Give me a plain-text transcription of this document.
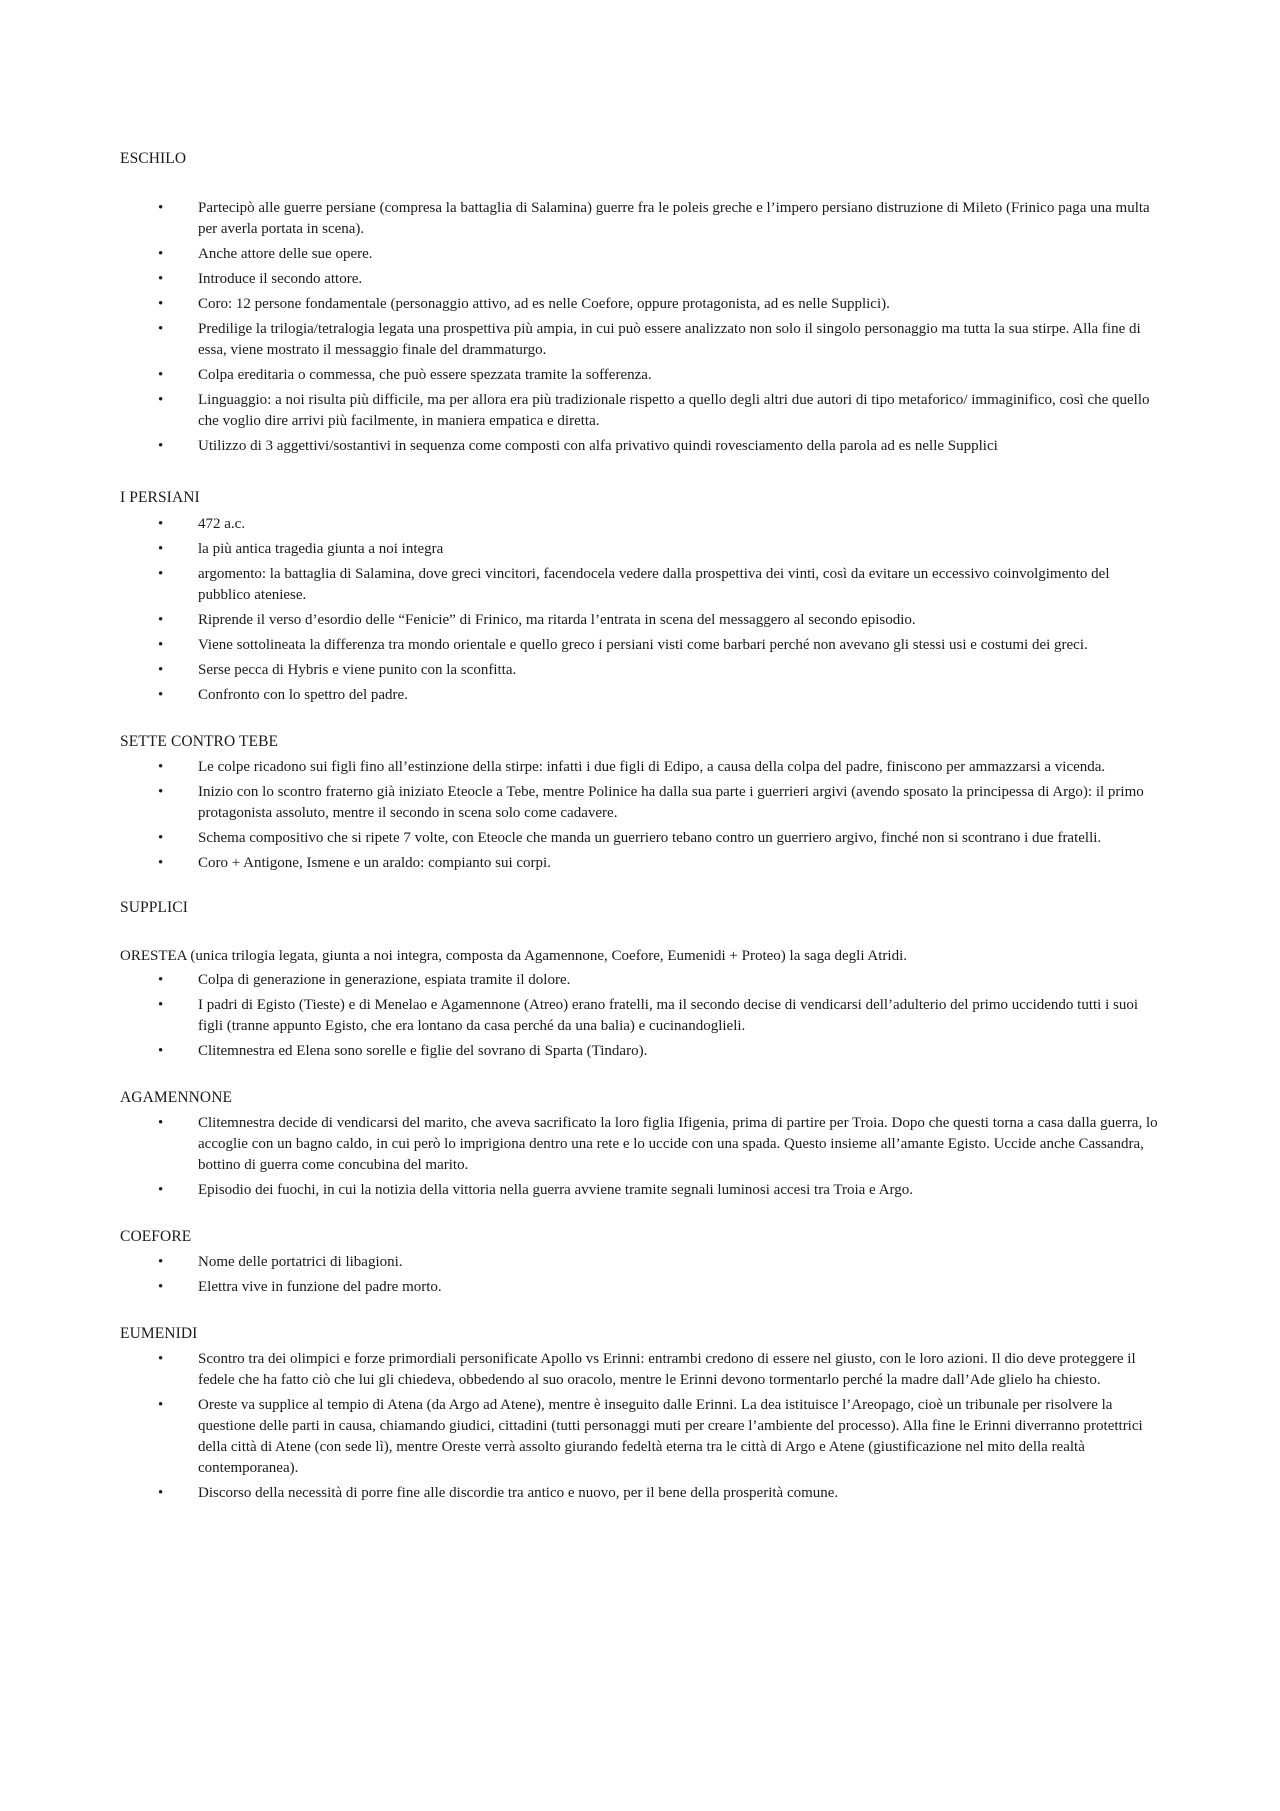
ESCHILO
• Partecipò alle guerre persiane (compresa la battaglia di Salamina) guerre fra le poleis greche e l’impero persiano distruzione di Mileto (Frinico paga una multa per averla portata in scena).
• Anche attore delle sue opere.
• Introduce il secondo attore.
• Coro: 12 persone fondamentale (personaggio attivo, ad es nelle Coefore, oppure protagonista, ad es nelle Supplici).
• Predilige la trilogia/tetralogia legata una prospettiva più ampia, in cui può essere analizzato non solo il singolo personaggio ma tutta la sua stirpe. Alla fine di essa, viene mostrato il messaggio finale del drammaturgo.
• Colpa ereditaria o commessa, che può essere spezzata tramite la sofferenza.
• Linguaggio: a noi risulta più difficile, ma per allora era più tradizionale rispetto a quello degli altri due autori di tipo metaforico/ immaginifico, così che quello che voglio dire arrivi più facilmente, in maniera empatica e diretta.
• Utilizzo di 3 aggettivi/sostantivi in sequenza come composti con alfa privativo quindi rovesciamento della parola ad es nelle Supplici
I PERSIANI
• 472 a.c.
• la più antica tragedia giunta a noi integra
• argomento: la battaglia di Salamina, dove greci vincitori, facendocela vedere dalla prospettiva dei vinti, così da evitare un eccessivo coinvolgimento del pubblico ateniese.
• Riprende il verso d’esordio delle “Fenicie” di Frinico, ma ritarda l’entrata in scena del messaggero al secondo episodio.
• Viene sottolineata la differenza tra mondo orientale e quello greco i persiani visti come barbari perché non avevano gli stessi usi e costumi dei greci.
• Serse pecca di Hybris e viene punito con la sconfitta.
• Confronto con lo spettro del padre.
SETTE CONTRO TEBE
• Le colpe ricadono sui figli fino all’estinzione della stirpe: infatti i due figli di Edipo, a causa della colpa del padre, finiscono per ammazzarsi a vicenda.
• Inizio con lo scontro fraterno già iniziato Eteocle a Tebe, mentre Polinice ha dalla sua parte i guerrieri argivi (avendo sposato la principessa di Argo): il primo protagonista assoluto, mentre il secondo in scena solo come cadavere.
• Schema compositivo che si ripete 7 volte, con Eteocle che manda un guerriero tebano contro un guerriero argivo, finché non si scontrano i due fratelli.
• Coro + Antigone, Ismene e un araldo: compianto sui corpi.
SUPPLICI
ORESTEA (unica trilogia legata, giunta a noi integra, composta da Agamennone, Coefore, Eumenidi + Proteo) la saga degli Atridi.
• Colpa di generazione in generazione, espiata tramite il dolore.
• I padri di Egisto (Tieste) e di Menelao e Agamennone (Atreo) erano fratelli, ma il secondo decise di vendicarsi dell’adulterio del primo uccidendo tutti i suoi figli (tranne appunto Egisto, che era lontano da casa perché da una balia) e cucinandoglieli.
• Clitemnestra ed Elena sono sorelle e figlie del sovrano di Sparta (Tindaro).
AGAMENNONE
• Clitemnestra decide di vendicarsi del marito, che aveva sacrificato la loro figlia Ifigenia, prima di partire per Troia. Dopo che questi torna a casa dalla guerra, lo accoglie con un bagno caldo, in cui però lo imprigiona dentro una rete e lo uccide con una spada. Questo insieme all’amante Egisto. Uccide anche Cassandra, bottino di guerra come concubina del marito.
• Episodio dei fuochi, in cui la notizia della vittoria nella guerra avviene tramite segnali luminosi accesi tra Troia e Argo.
COEFORE
• Nome delle portatrici di libagioni.
• Elettra vive in funzione del padre morto.
EUMENIDI
• Scontro tra dei olimpici e forze primordiali personificate Apollo vs Erinni: entrambi credono di essere nel giusto, con le loro azioni. Il dio deve proteggere il fedele che ha fatto ciò che lui gli chiedeva, obbedendo al suo oracolo, mentre le Erinni devono tormentarlo perché la madre dall’Ade glielo ha chiesto.
• Oreste va supplice al tempio di Atena (da Argo ad Atene), mentre è inseguito dalle Erinni. La dea istituisce l’Areopago, cioè un tribunale per risolvere la questione delle parti in causa, chiamando giudici, cittadini (tutti personaggi muti per creare l’ambiente del processo). Alla fine le Erinni diverranno protettrici della città di Atene (con sede lì), mentre Oreste verrà assolto giurando fedeltà eterna tra le città di Argo e Atene (giustificazione nel mito della realtà contemporanea).
• Discorso della necessità di porre fine alle discordie tra antico e nuovo, per il bene della prosperità comune.
